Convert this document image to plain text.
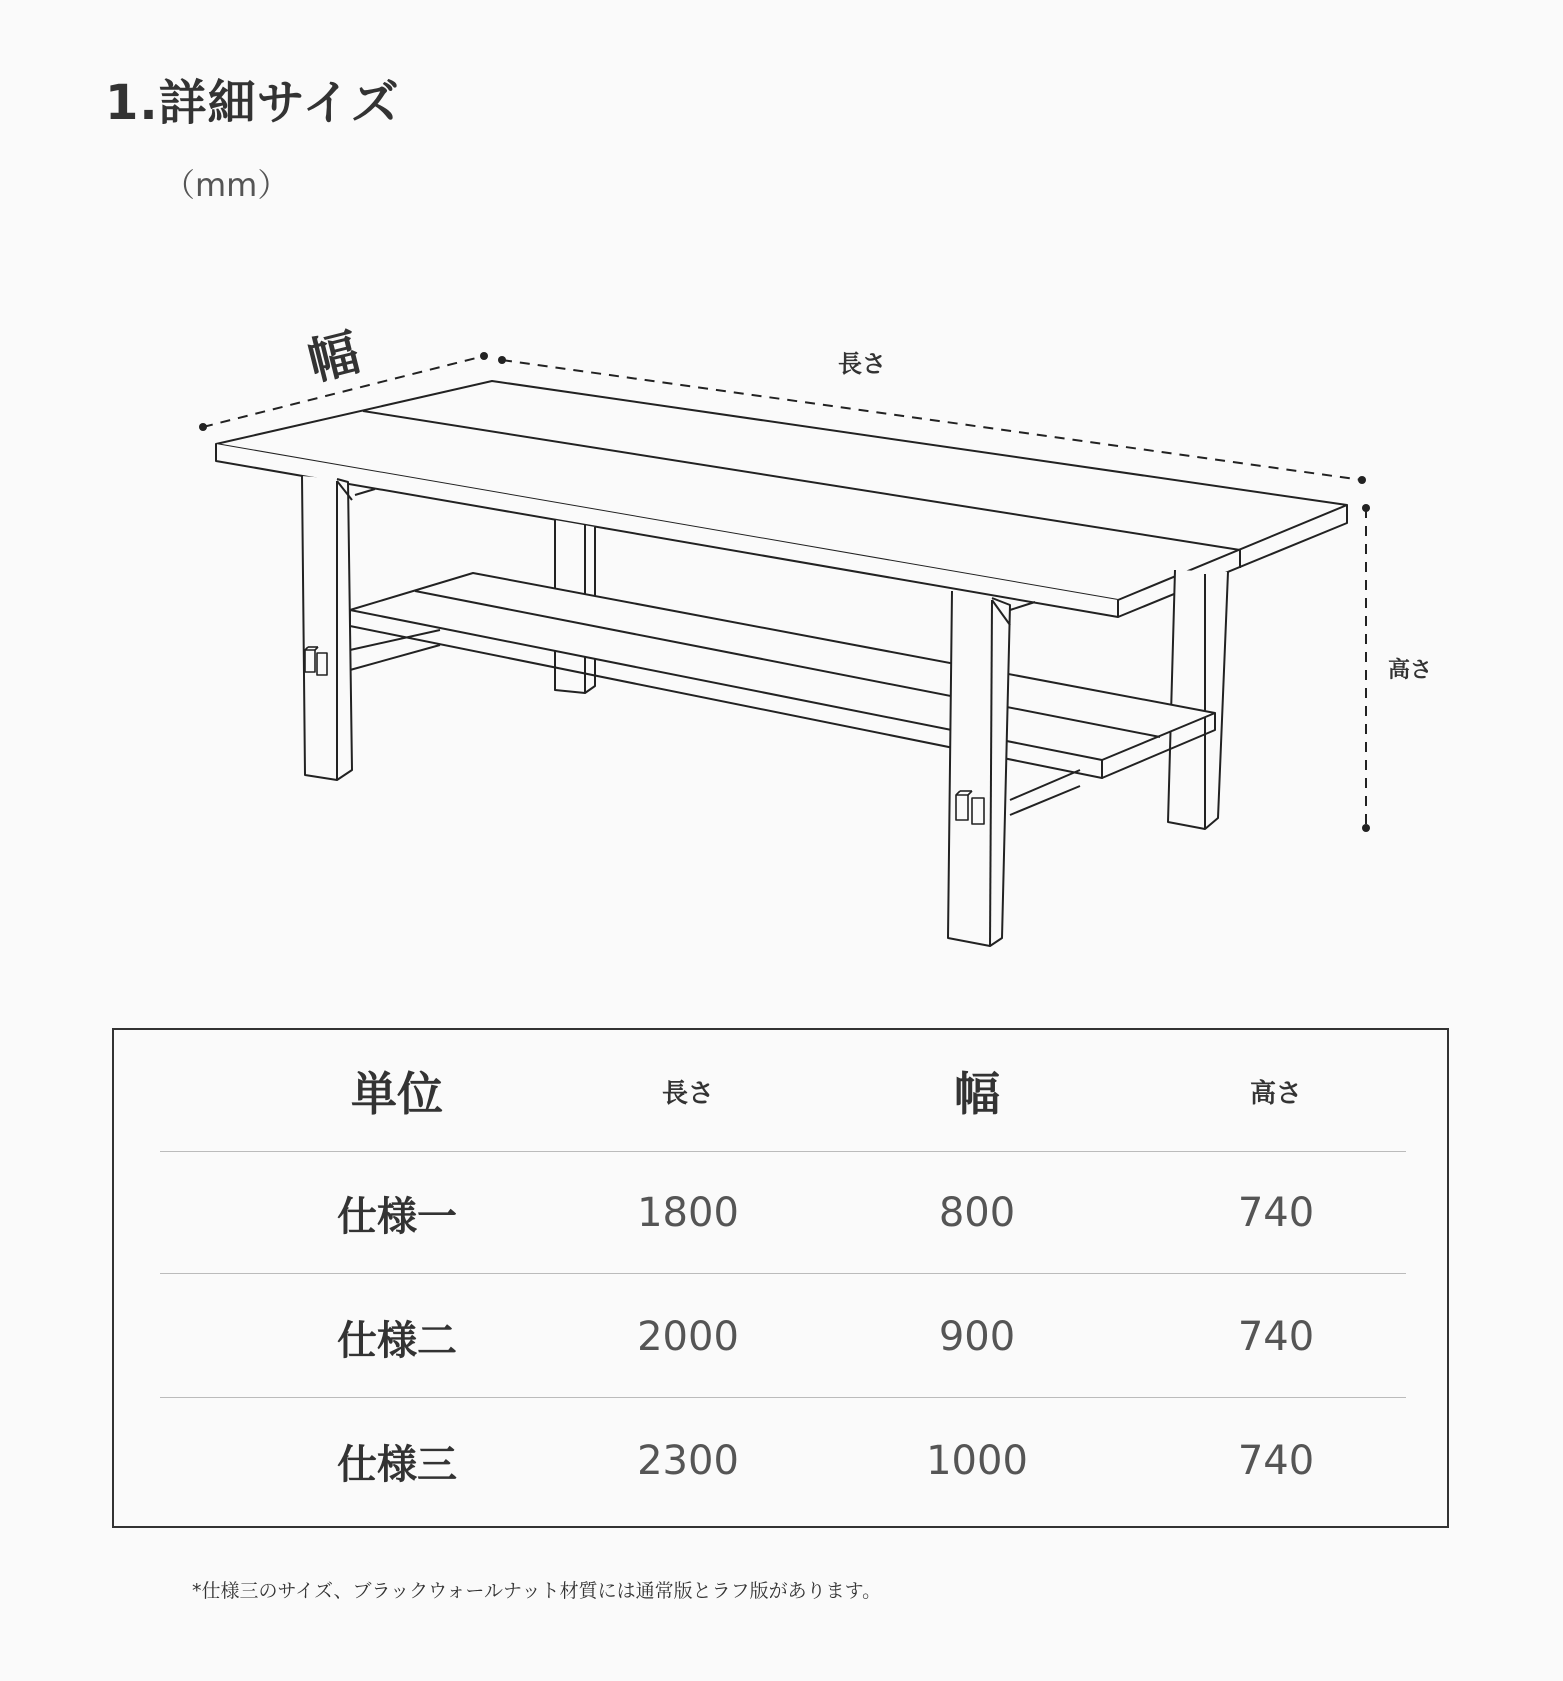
1.詳細サイズ
（mm）
幅	長さ
高さ
単位	長さ	幅	高さ
仕様一	1800	800	740
仕様二	2000	900	740
仕様三	2300	1000	740
*仕様三のサイズ、ブラックウォールナット材質には通常版とラフ版があります。
